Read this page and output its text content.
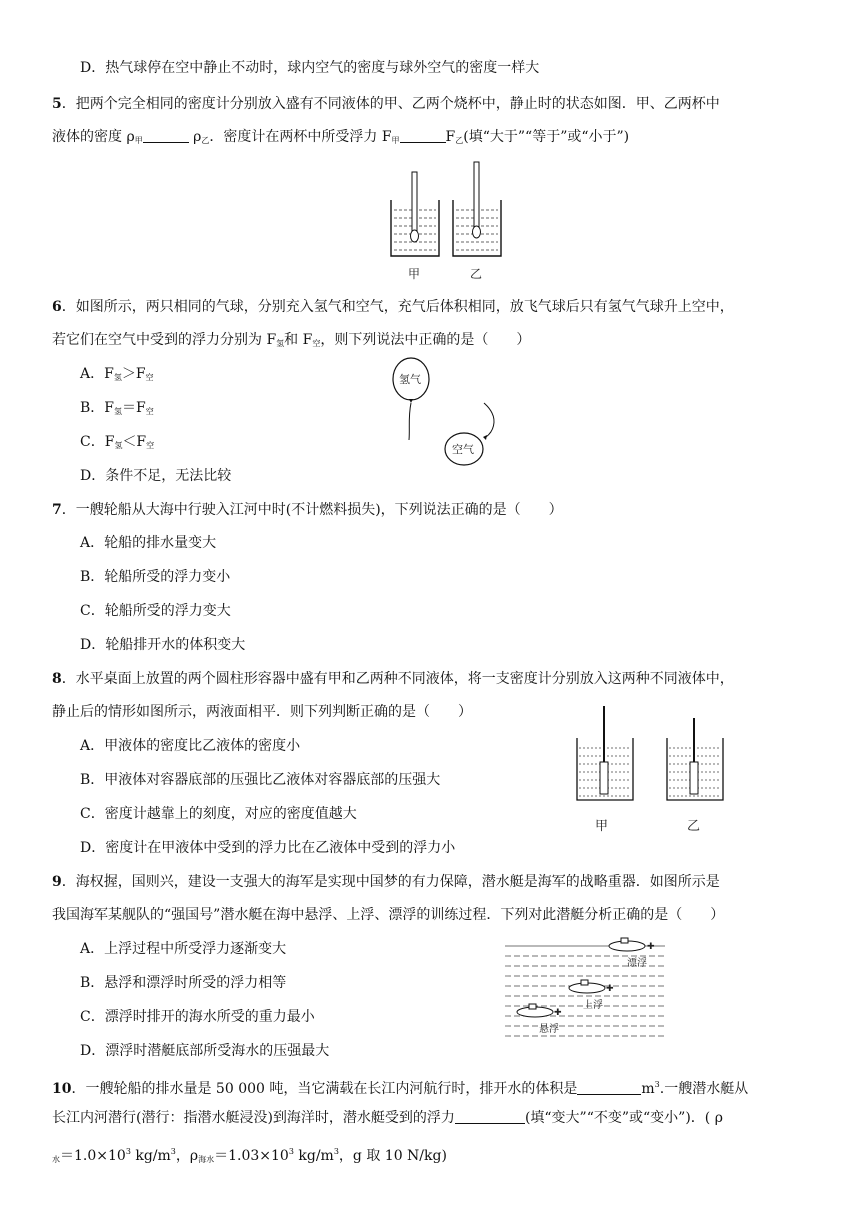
D．热气球停在空中静止不动时，球内空气的密度与球外空气的密度一样大
5．把两个完全相同的密度计分别放入盛有不同液体的甲、乙两个烧杯中，静止时的状态如图．甲、乙两杯中
液体的密度 $\rho_甲$	$\rho_乙$．密度计在两杯中所受浮力 $F_甲$	$F_乙$(填“大于”“等于”或“小于”)
甲	乙
6．如图所示，两只相同的气球，分别充入氢气和空气，充气后体积相同，放飞气球后只有氢气气球升上空中，
若它们在空气中受到的浮力分别为 $F_氢$和 $F_空$，则下列说法中正确的是（　　）
A．$F_氢>F_空$
B．$F_氢=F_空$
C．$F_氢<F_空$
D．条件不足，无法比较
氢气
空气
7．一艘轮船从大海中行驶入江河中时(不计燃料损失)，下列说法正确的是（　　）
A．轮船的排水量变大
B．轮船所受的浮力变小
C．轮船所受的浮力变大
D．轮船排开水的体积变大
8．水平桌面上放置的两个圆柱形容器中盛有甲和乙两种不同液体，将一支密度计分别放入这两种不同液体中，
静止后的情形如图所示，两液面相平．则下列判断正确的是（　　）
A．甲液体的密度比乙液体的密度小
B．甲液体对容器底部的压强比乙液体对容器底部的压强大
C．密度计越靠上的刻度，对应的密度值越大
D．密度计在甲液体中受到的浮力比在乙液体中受到的浮力小
甲	乙
9．海权握，国则兴，建设一支强大的海军是实现中国梦的有力保障，潜水艇是海军的战略重器．如图所示是
我国海军某舰队的“强国号”潜水艇在海中悬浮、上浮、漂浮的训练过程．下列对此潜艇分析正确的是（　　）
A．上浮过程中所受浮力逐渐变大
B．悬浮和漂浮时所受的浮力相等
C．漂浮时排开的海水所受的重力最小
D．漂浮时潜艇底部所受海水的压强最大
✚
漂浮
✚
上浮
✚
悬浮
10．一艘轮船的排水量是 50 000 吨，当它满载在长江内河航行时，排开水的体积是	$m^3$.一艘潜水艇从
长江内河潜行(潜行：指潜水艇浸没)到海洋时，潜水艇受到的浮力	(填“变大”“不变”或“变小”)．( ρ
$_水=1.0\times 10^3$ $kg/m^3$，$\rho_{海水}=1.03\times 10^3$ $kg/m^3$，g 取 10 N/kg)
